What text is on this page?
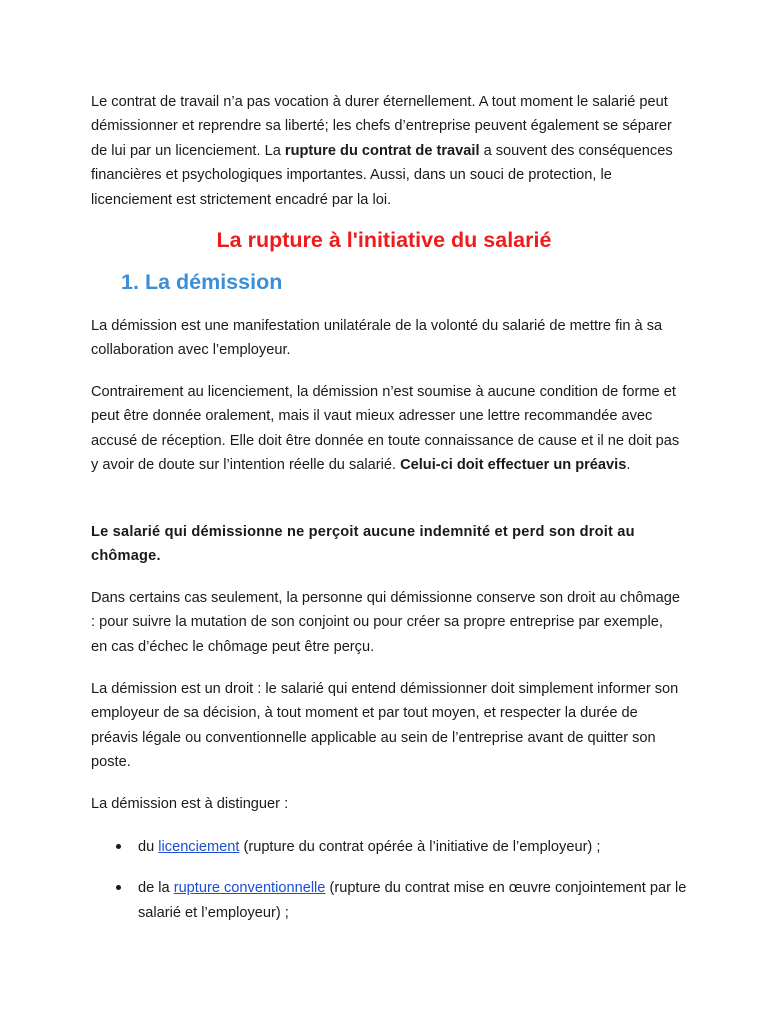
Le contrat de travail n’a pas vocation à durer éternellement. A tout moment le salarié peut démissionner et reprendre sa liberté; les chefs d’entreprise peuvent également se séparer de lui par un licenciement. La rupture du contrat de travail a souvent des conséquences financières et psychologiques importantes. Aussi, dans un souci de protection, le licenciement est strictement encadré par la loi.

La rupture à l'initiative du salarié
1. La démission

La démission est une manifestation unilatérale de la volonté du salarié de mettre fin à sa collaboration avec l’employeur.

Contrairement au licenciement, la démission n’est soumise à aucune condition de forme et peut être donnée oralement, mais il vaut mieux adresser une lettre recommandée avec accusé de réception. Elle doit être donnée en toute connaissance de cause et il ne doit pas y avoir de doute sur l’intention réelle du salarié. Celui-ci doit effectuer un préavis.

Le salarié qui démissionne ne perçoit aucune indemnité et perd son droit au chômage.

Dans certains cas seulement, la personne qui démissionne conserve son droit au chômage : pour suivre la mutation de son conjoint ou pour créer sa propre entreprise par exemple, en cas d’échec le chômage peut être perçu.

La démission est un droit : le salarié qui entend démissionner doit simplement informer son employeur de sa décision, à tout moment et par tout moyen, et respecter la durée de préavis légale ou conventionnelle applicable au sein de l’entreprise avant de quitter son poste.

La démission est à distinguer :

du licenciement (rupture du contrat opérée à l’initiative de l’employeur) ;
de la rupture conventionnelle (rupture du contrat mise en œuvre conjointement par le salarié et l’employeur) ;
